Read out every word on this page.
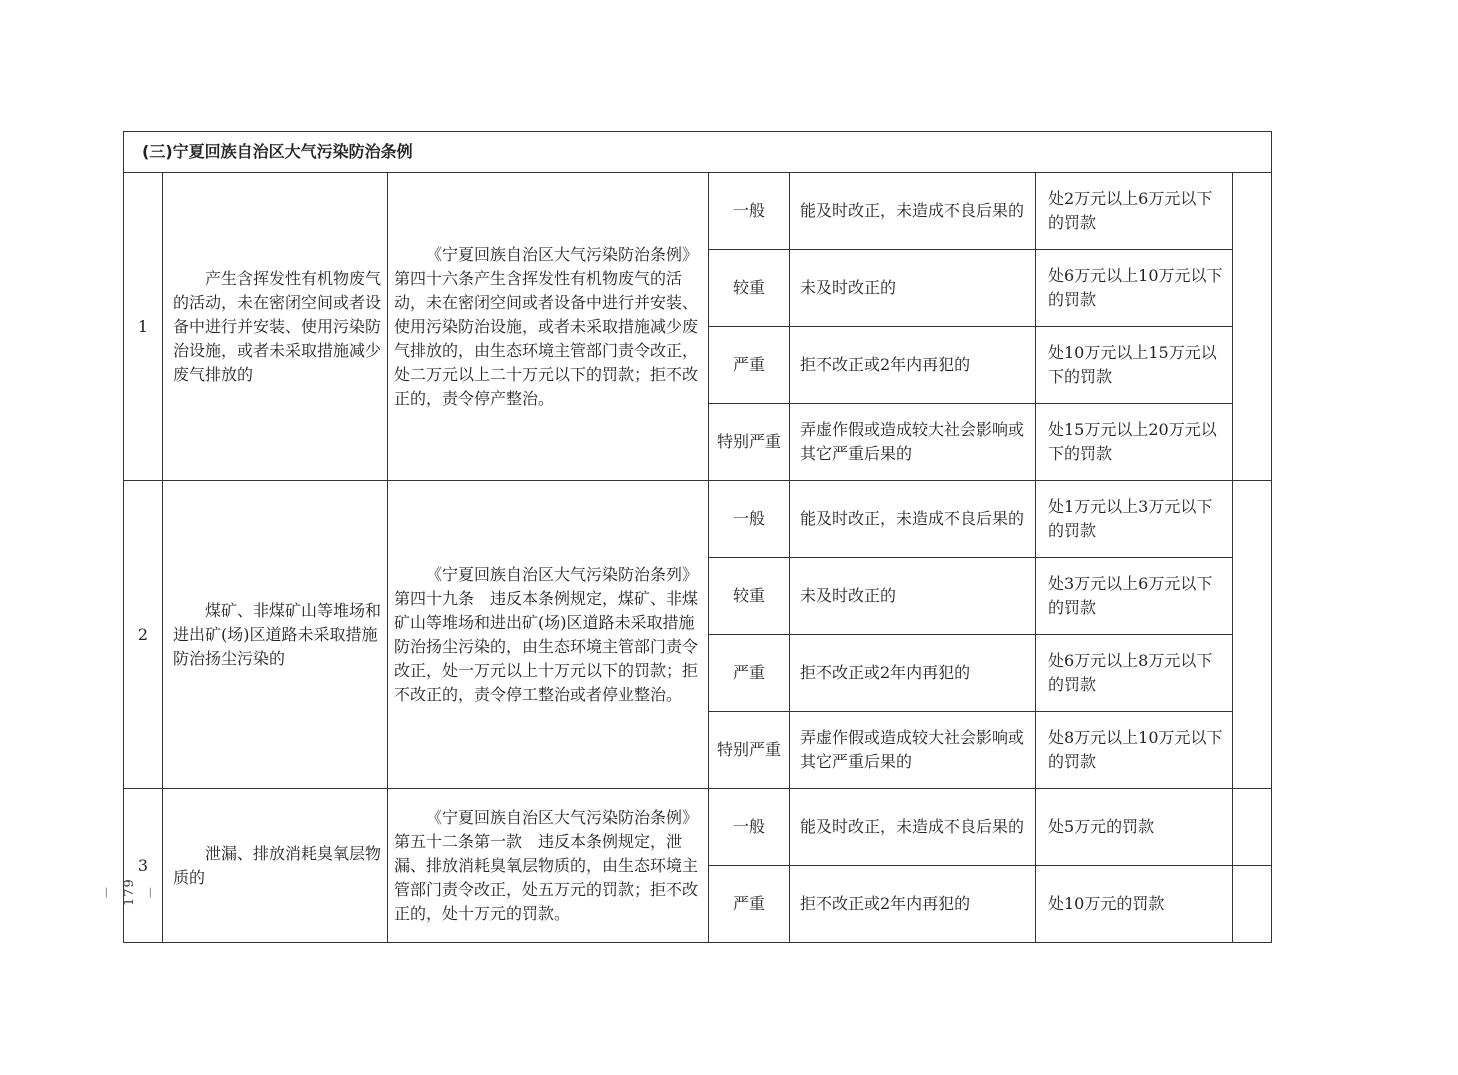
－179－
(三)宁夏回族自治区大气污染防治条例						
1	产生含挥发性有机物废气的活动，未在密闭空间或者设备中进行并安装、使用污染防治设施，或者未采取措施减少废气排放的	《宁夏回族自治区大气污染防治条例》第四十六条产生含挥发性有机物废气的活动，未在密闭空间或者设备中进行并安装、使用污染防治设施，或者未采取措施减少废气排放的，由生态环境主管部门责令改正，处二万元以上二十万元以下的罚款；拒不改正的，责令停产整治。	一般	能及时改正，未造成不良后果的	处2万元以上6万元以下的罚款	
			较重	未及时改正的	处6万元以上10万元以下的罚款	
			严重	拒不改正或2年内再犯的	处10万元以上15万元以下的罚款	
			特别严重	弄虚作假或造成较大社会影响或其它严重后果的	处15万元以上20万元以下的罚款	
2	煤矿、非煤矿山等堆场和进出矿(场)区道路未采取措施防治扬尘污染的	《宁夏回族自治区大气污染防治条列》第四十九条　违反本条例规定，煤矿、非煤矿山等堆场和进出矿(场)区道路未采取措施防治扬尘污染的，由生态环境主管部门责令改正，处一万元以上十万元以下的罚款；拒不改正的，责令停工整治或者停业整治。	一般	能及时改正，未造成不良后果的	处1万元以上3万元以下的罚款	
			较重	未及时改正的	处3万元以上6万元以下的罚款	
			严重	拒不改正或2年内再犯的	处6万元以上8万元以下的罚款	
			特别严重	弄虚作假或造成较大社会影响或其它严重后果的	处8万元以上10万元以下的罚款	
3	泄漏、排放消耗臭氧层物质的	《宁夏回族自治区大气污染防治条例》第五十二条第一款　违反本条例规定，泄漏、排放消耗臭氧层物质的，由生态环境主管部门责令改正，处五万元的罚款；拒不改正的，处十万元的罚款。	一般	能及时改正，未造成不良后果的	处5万元的罚款	
			严重	拒不改正或2年内再犯的	处10万元的罚款	
